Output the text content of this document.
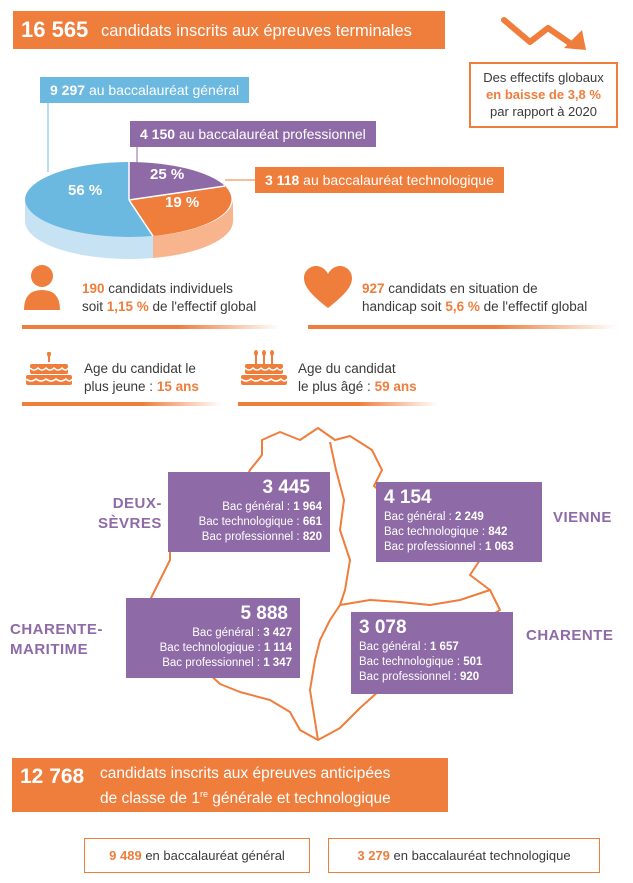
16 565 candidats inscrits aux épreuves terminales
Des effectifs globaux
en baisse de 3,8 %
par rapport à 2020
56 %
25 %
19 %
9 297 au baccalauréat général
4 150 au baccalauréat professionnel
3 118 au baccalauréat technologique
190 candidats individuels
soit 1,15 % de l'effectif global
927 candidats en situation de
handicap soit 5,6 % de l'effectif global
Age du candidat le
plus jeune : 15 ans
Age du candidat
le plus âgé : 59 ans
3 445
Bac général : 1 964
Bac technologique : 661
Bac professionnel : 820
DEUX-
SÈVRES
4 154
Bac général : 2 249
Bac technologique : 842
Bac professionnel : 1 063
VIENNE
5 888
Bac général : 3 427
Bac technologique : 1 114
Bac professionnel : 1 347
CHARENTE-
MARITIME
3 078
Bac général : 1 657
Bac technologique : 501
Bac professionnel : 920
CHARENTE
12 768 candidats inscrits aux épreuves anticipées
de classe de 1re générale et technologique
9 489 en baccalauréat général	3 279 en baccalauréat technologique
